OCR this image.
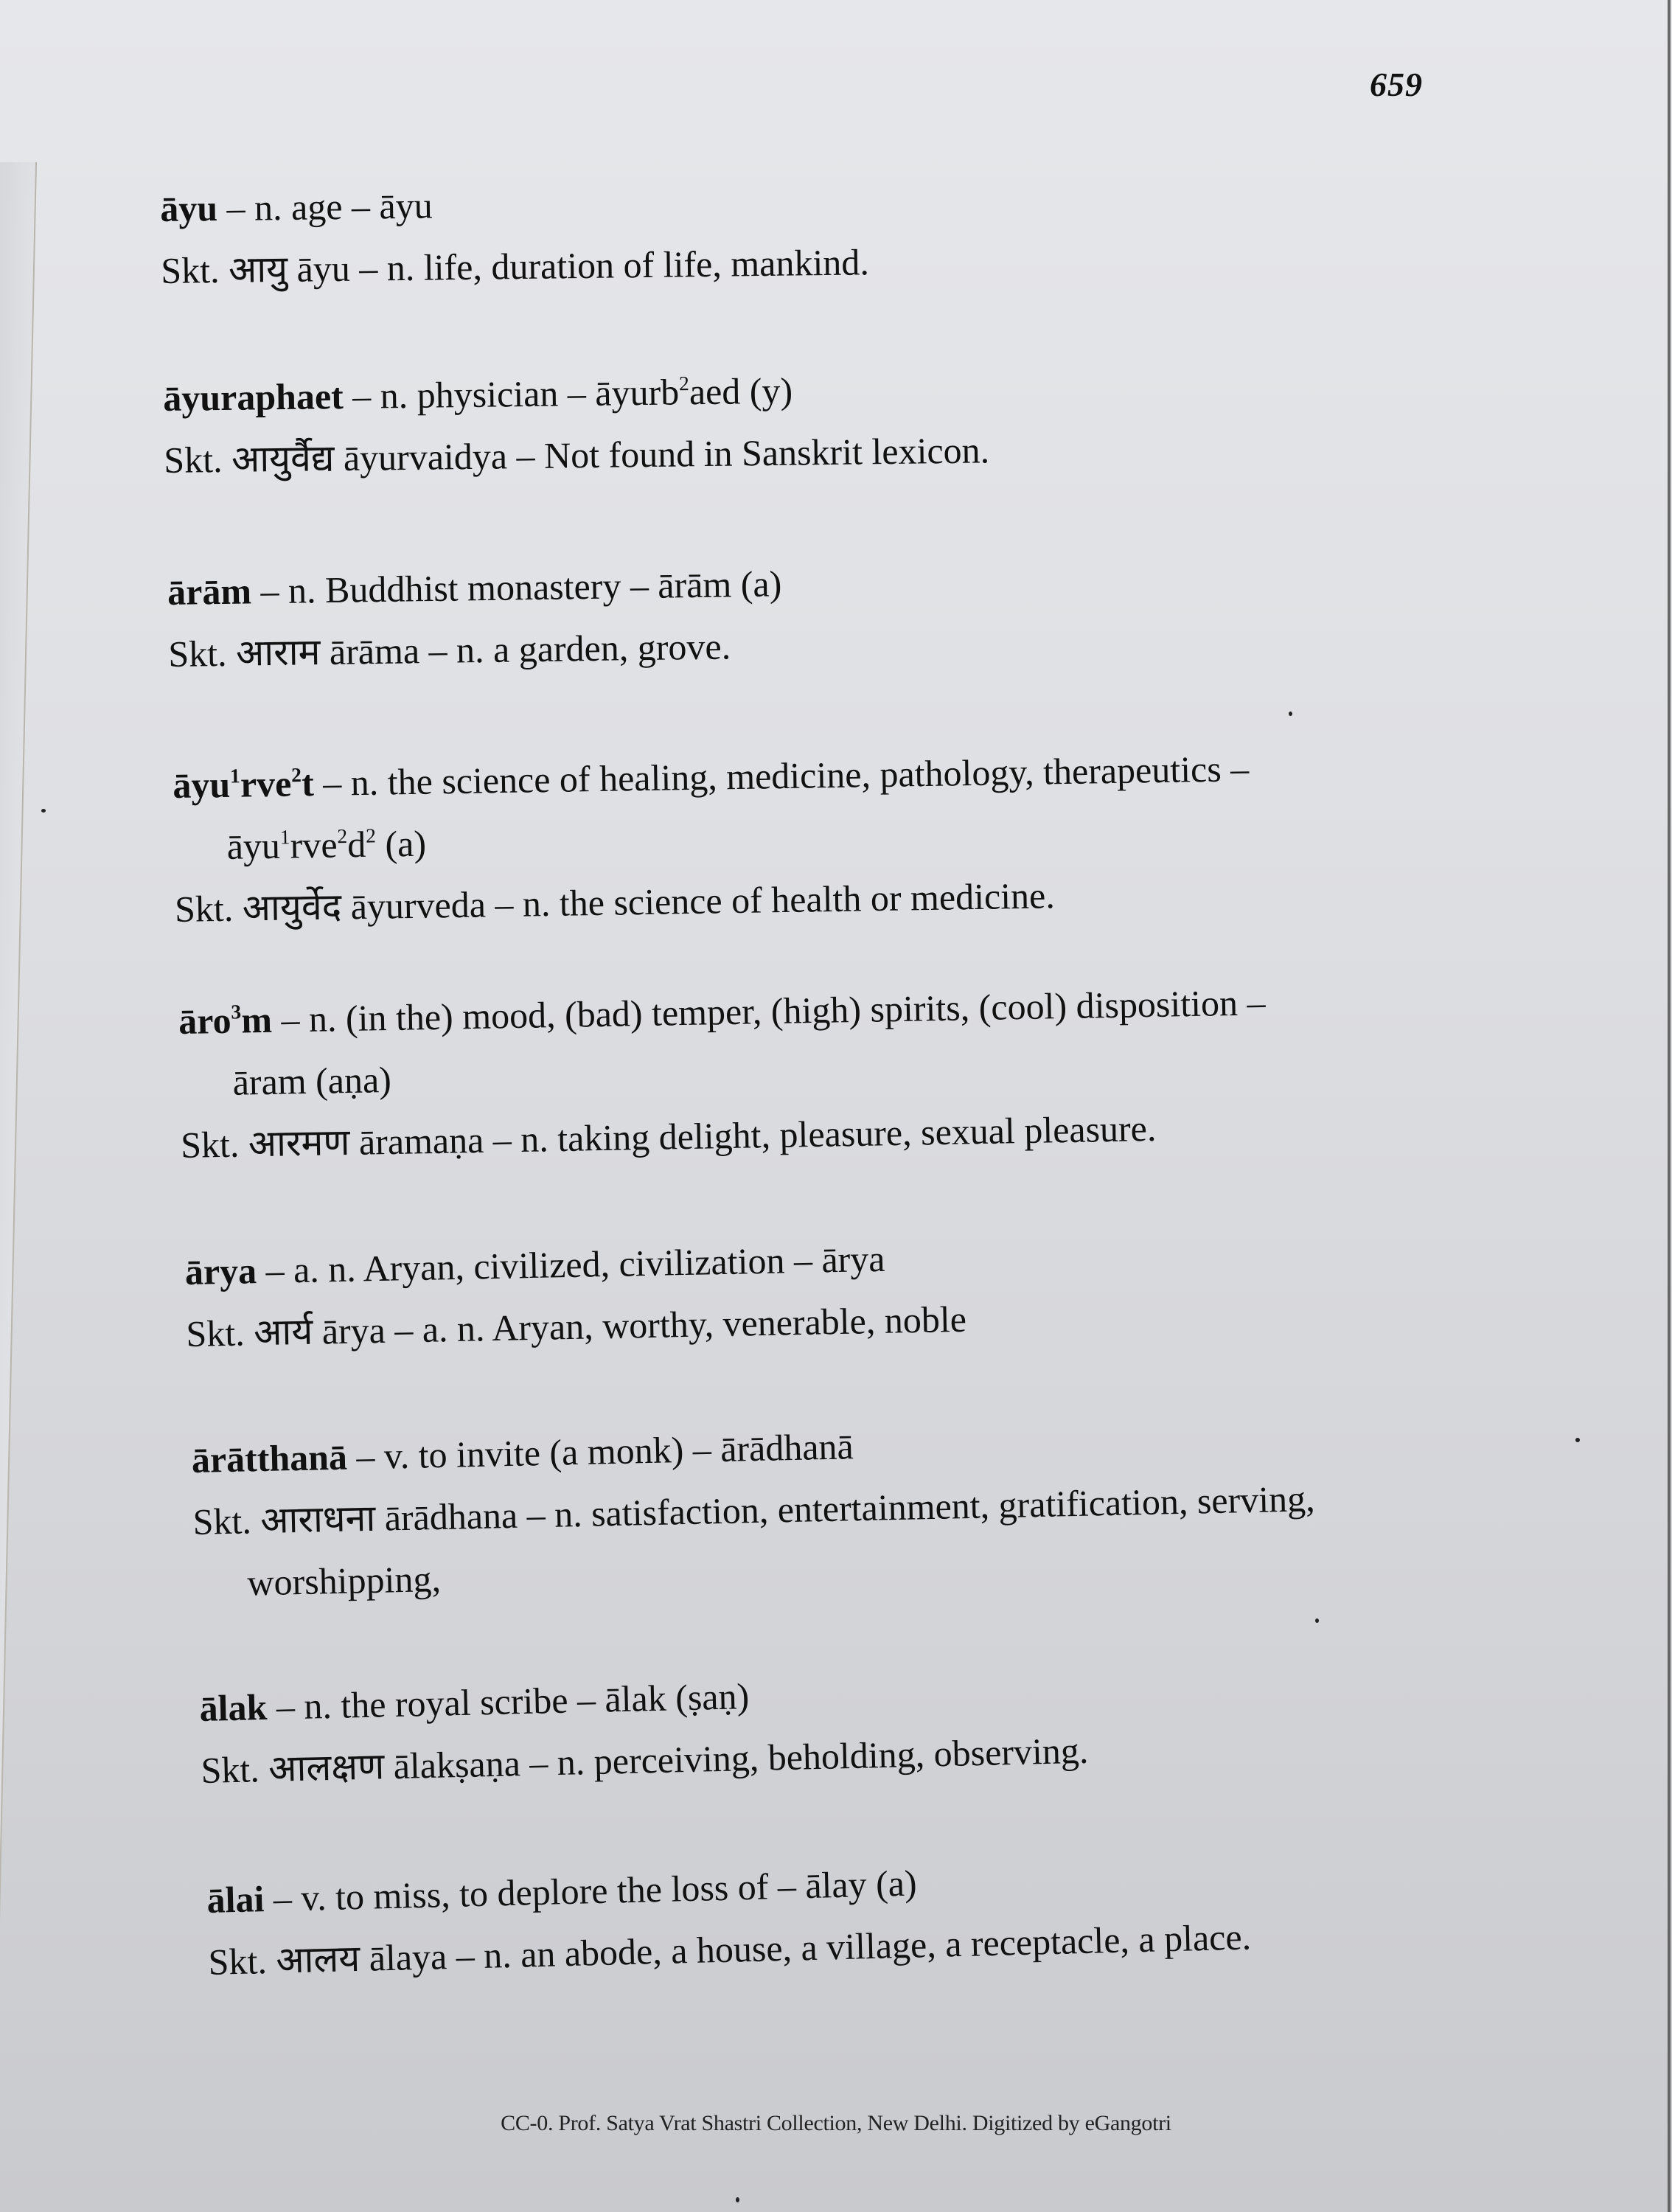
659
āyu – n. age – āyu
Skt. आयु āyu – n. life, duration of life, mankind.
āyuraphaet – n. physician – āyurb$^2$aed (y)
Skt. आयुर्वैद्य āyurvaidya – Not found in Sanskrit lexicon.
ārām – n. Buddhist monastery – ārām (a)
Skt. आराम ārāma – n. a garden, grove.
āyu$^1$rve$^2$t – n. the science of healing, medicine, pathology, therapeutics –
$āyu^1rve^2d^2$ (a)
Skt. आयुर्वेद āyurveda – n. the science of health or medicine.
āro$^3$m – n. (in the) mood, (bad) temper, (high) spirits, (cool) disposition –
āram (aṇa)
Skt. आरमण āramaṇa – n. taking delight, pleasure, sexual pleasure.
ārya – a. n. Aryan, civilized, civilization – ārya
Skt. आर्य ārya – a. n. Aryan, worthy, venerable, noble
ārātthanā – v. to invite (a monk) – ārādhanā
Skt. आराधना ārādhana – n. satisfaction, entertainment, gratification, serving,
worshipping,
ālak – n. the royal scribe – ālak (ṣaṇ)
Skt. आलक्षण ālakṣaṇa – n. perceiving, beholding, observing.
ālai – v. to miss, to deplore the loss of – ālay (a)
Skt. आलय ālaya – n. an abode, a house, a village, a receptacle, a place.
CC-0. Prof. Satya Vrat Shastri Collection, New Delhi. Digitized by eGangotri
